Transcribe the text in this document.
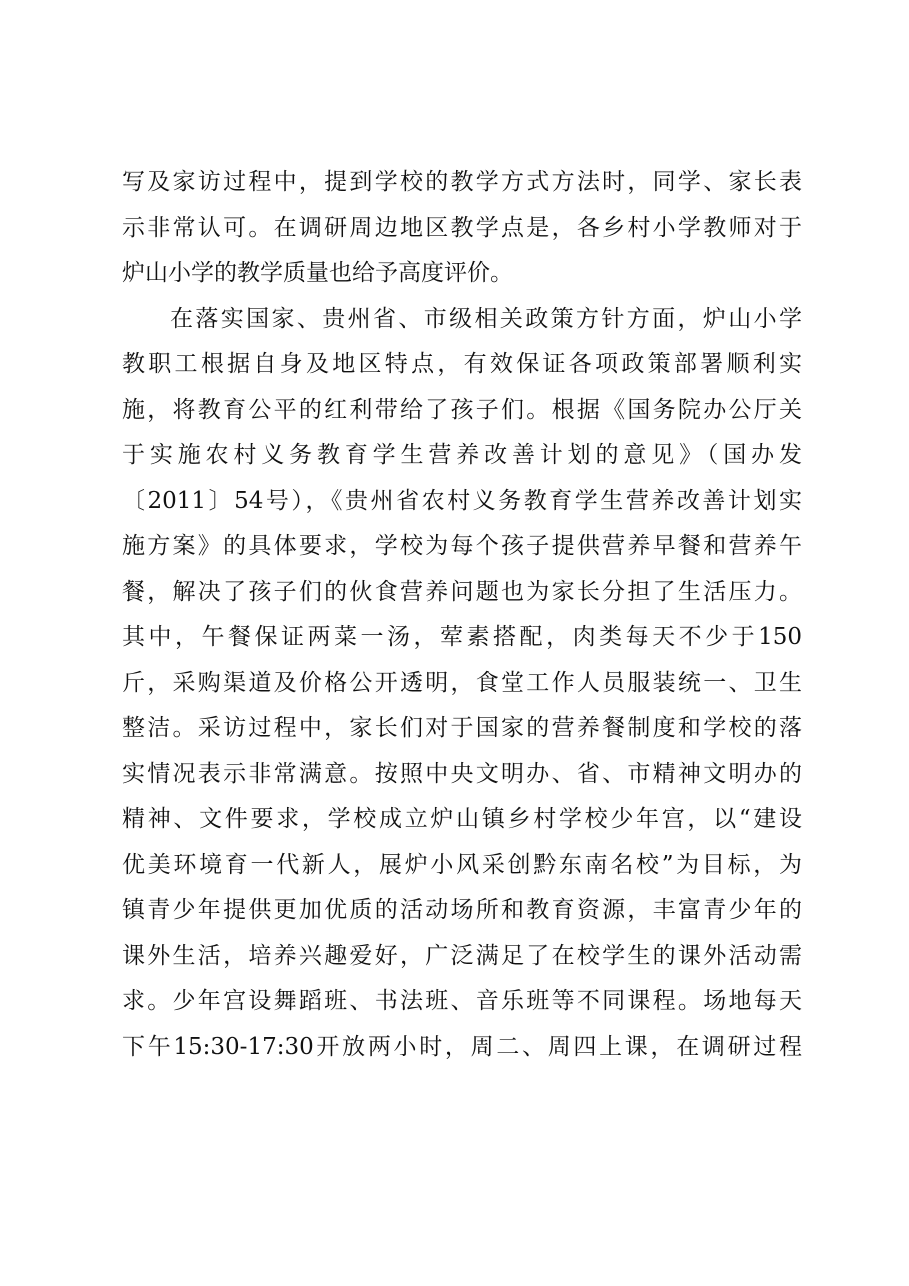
写及家访过程中，提到学校的教学方式方法时，同学、家长表
示非常认可。在调研周边地区教学点是，各乡村小学教师对于
炉山小学的教学质量也给予高度评价。
在落实国家、贵州省、市级相关政策方针方面，炉山小学
教职工根据自身及地区特点，有效保证各项政策部署顺利实
施，将教育公平的红利带给了孩子们。根据《国务院办公厅关
于实施农村义务教育学生营养改善计划的意见》（国办发
〔2011〕54号），《贵州省农村义务教育学生营养改善计划实
施方案》的具体要求，学校为每个孩子提供营养早餐和营养午
餐，解决了孩子们的伙食营养问题也为家长分担了生活压力。
其中，午餐保证两菜一汤，荤素搭配，肉类每天不少于150
斤，采购渠道及价格公开透明，食堂工作人员服装统一、卫生
整洁。采访过程中，家长们对于国家的营养餐制度和学校的落
实情况表示非常满意。按照中央文明办、省、市精神文明办的
精神、文件要求，学校成立炉山镇乡村学校少年宫，以“建设
优美环境育一代新人，展炉小风采创黔东南名校”为目标，为
镇青少年提供更加优质的活动场所和教育资源，丰富青少年的
课外生活，培养兴趣爱好，广泛满足了在校学生的课外活动需
求。少年宫设舞蹈班、书法班、音乐班等不同课程。场地每天
下午15:30-17:30开放两小时，周二、周四上课，在调研过程
